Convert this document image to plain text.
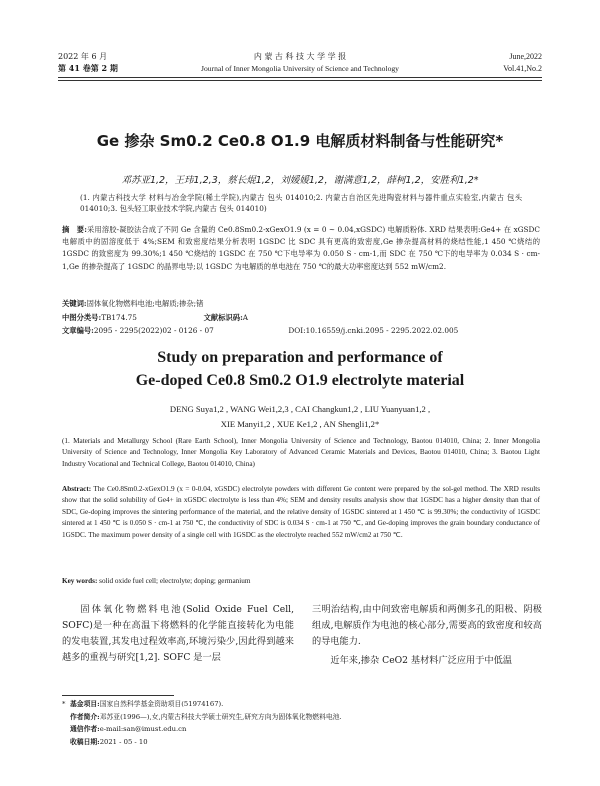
2022 年 6 月
第 41 卷第 2 期
内 蒙 古 科 技 大 学 学 报
Journal of Inner Mongolia University of Science and Technology
June,2022
Vol.41,No.2
Ge 掺杂 Sm0.2 Ce0.8 O1.9 电解质材料制备与性能研究*
邓苏亚1,2，王玮1,2,3，蔡长焜1,2，刘媛媛1,2，谢满意1,2，薛柯1,2，安胜利1,2*
(1. 内蒙古科技大学 材料与冶金学院(稀土学院),内蒙古 包头 014010;2. 内蒙古自治区先进陶瓷材料与器件重点实验室,内蒙古 包头 014010;3. 包头轻工职业技术学院,内蒙古 包头 014010)
摘　要:采用溶胶-凝胶法合成了不同 Ge 含量的 Ce0.8Sm0.2-xGexO1.9 (x = 0 ~ 0.04,xGSDC) 电解质粉体. XRD 结果表明:Ge4+ 在 xGSDC 电解质中的固溶度低于 4%;SEM 和致密度结果分析表明 1GSDC 比 SDC 具有更高的致密度,Ge 掺杂提高材料的烧结性能,1 450 ℃烧结的 1GSDC 的致密度为 99.30%;1 450 ℃烧结的 1GSDC 在 750 ℃下电导率为 0.050 S · cm-1,而 SDC 在 750 ℃下的电导率为 0.034 S · cm-1,Ge 的掺杂提高了 1GSDC 的晶界电导;以 1GSDC 为电解质的单电池在 750 ℃的最大功率密度达到 552 mW/cm2.
关键词:固体氧化物燃料电池;电解质;掺杂;锗
中图分类号:TB174.75	文献标识码:A
文章编号:2095 - 2295(2022)02 - 0126 - 07	DOI:10.16559/j.cnki.2095 - 2295.2022.02.005
Study on preparation and performance of
Ge-doped Ce0.8 Sm0.2 O1.9 electrolyte material
DENG Suya1,2 , WANG Wei1,2,3 , CAI Changkun1,2 , LIU Yuanyuan1,2 ,
XIE Manyi1,2 , XUE Ke1,2 , AN Shengli1,2*
(1. Materials and Metallurgy School (Rare Earth School), Inner Mongolia University of Science and Technology, Baotou 014010, China; 2. Inner Mongolia University of Science and Technology, Inner Mongolia Key Laboratory of Advanced Ceramic Materials and Devices, Baotou 014010, China; 3. Baotou Light Industry Vocational and Technical College, Baotou 014010, China)
Abstract: The Ce0.8Sm0.2-xGexO1.9 (x = 0-0.04, xGSDC) electrolyte powders with different Ge content were prepared by the sol-gel method. The XRD results show that the solid solubility of Ge4+ in xGSDC electrolyte is less than 4%; SEM and density results analysis show that 1GSDC has a higher density than that of SDC, Ge-doping improves the sintering performance of the material, and the relative density of 1GSDC sintered at 1 450 ℃ is 99.30%; the conductivity of 1GSDC sintered at 1 450 ℃ is 0.050 S · cm-1 at 750 ℃, the conductivity of SDC is 0.034 S · cm-1 at 750 ℃, and Ge-doping improves the grain boundary conductance of 1GSDC. The maximum power density of a single cell with 1GSDC as the electrolyte reached 552 mW/cm2 at 750 ℃.
Key words: solid oxide fuel cell; electrolyte; doping; germanium
固体氧化物燃料电池(Solid Oxide Fuel Cell, SOFC)是一种在高温下将燃料的化学能直接转化为电能的发电装置,其发电过程效率高,环境污染少,因此得到越来越多的重视与研究[1,2]. SOFC 是一层
三明治结构,由中间致密电解质和两侧多孔的阳极、阴极组成,电解质作为电池的核心部分,需要高的致密度和较高的导电能力.
近年来,掺杂 CeO2 基材料广泛应用于中低温
* 基金项目:国家自然科学基金资助项目(51974167).
作者简介:邓苏亚(1996—),女,内蒙古科技大学硕士研究生,研究方向为固体氧化物燃料电池.
通信作者:e-mail:san@imust.edu.cn
收稿日期:2021 - 05 - 10
